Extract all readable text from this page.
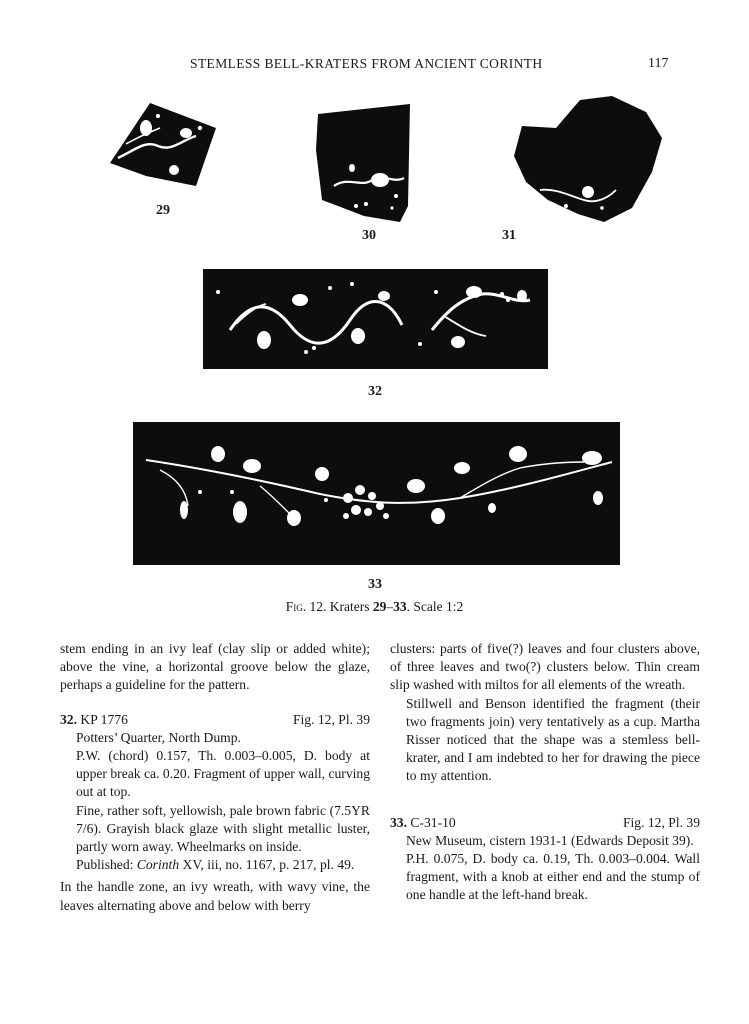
STEMLESS BELL-KRATERS FROM ANCIENT CORINTH	117
29
30	31
32
33
Fig. 12. Kraters 29–33. Scale 1:2

stem ending in an ivy leaf (clay slip or added white); above the vine, a horizontal groove below the glaze, perhaps a guideline for the pattern.

32. KP 1776	Fig. 12, Pl. 39

Potters’ Quarter, North Dump.

P.W. (chord) 0.157, Th. 0.003–0.005, D. body at upper break ca. 0.20. Fragment of upper wall, curving out at top.

Fine, rather soft, yellowish, pale brown fabric (7.5YR 7/6). Grayish black glaze with slight metallic luster, partly worn away. Wheelmarks on inside.

Published: Corinth XV, iii, no. 1167, p. 217, pl. 49.

In the handle zone, an ivy wreath, with wavy vine, the leaves alternating above and below with berry

clusters: parts of five(?) leaves and four clusters above, of three leaves and two(?) clusters below. Thin cream slip washed with miltos for all elements of the wreath.

Stillwell and Benson identified the fragment (their two fragments join) very tentatively as a cup. Martha Risser noticed that the shape was a stemless bell-krater, and I am indebted to her for drawing the piece to my attention.

33. C-31-10	Fig. 12, Pl. 39

New Museum, cistern 1931-1 (Edwards Deposit 39).

P.H. 0.075, D. body ca. 0.19, Th. 0.003–0.004. Wall fragment, with a knob at either end and the stump of one handle at the left-hand break.
